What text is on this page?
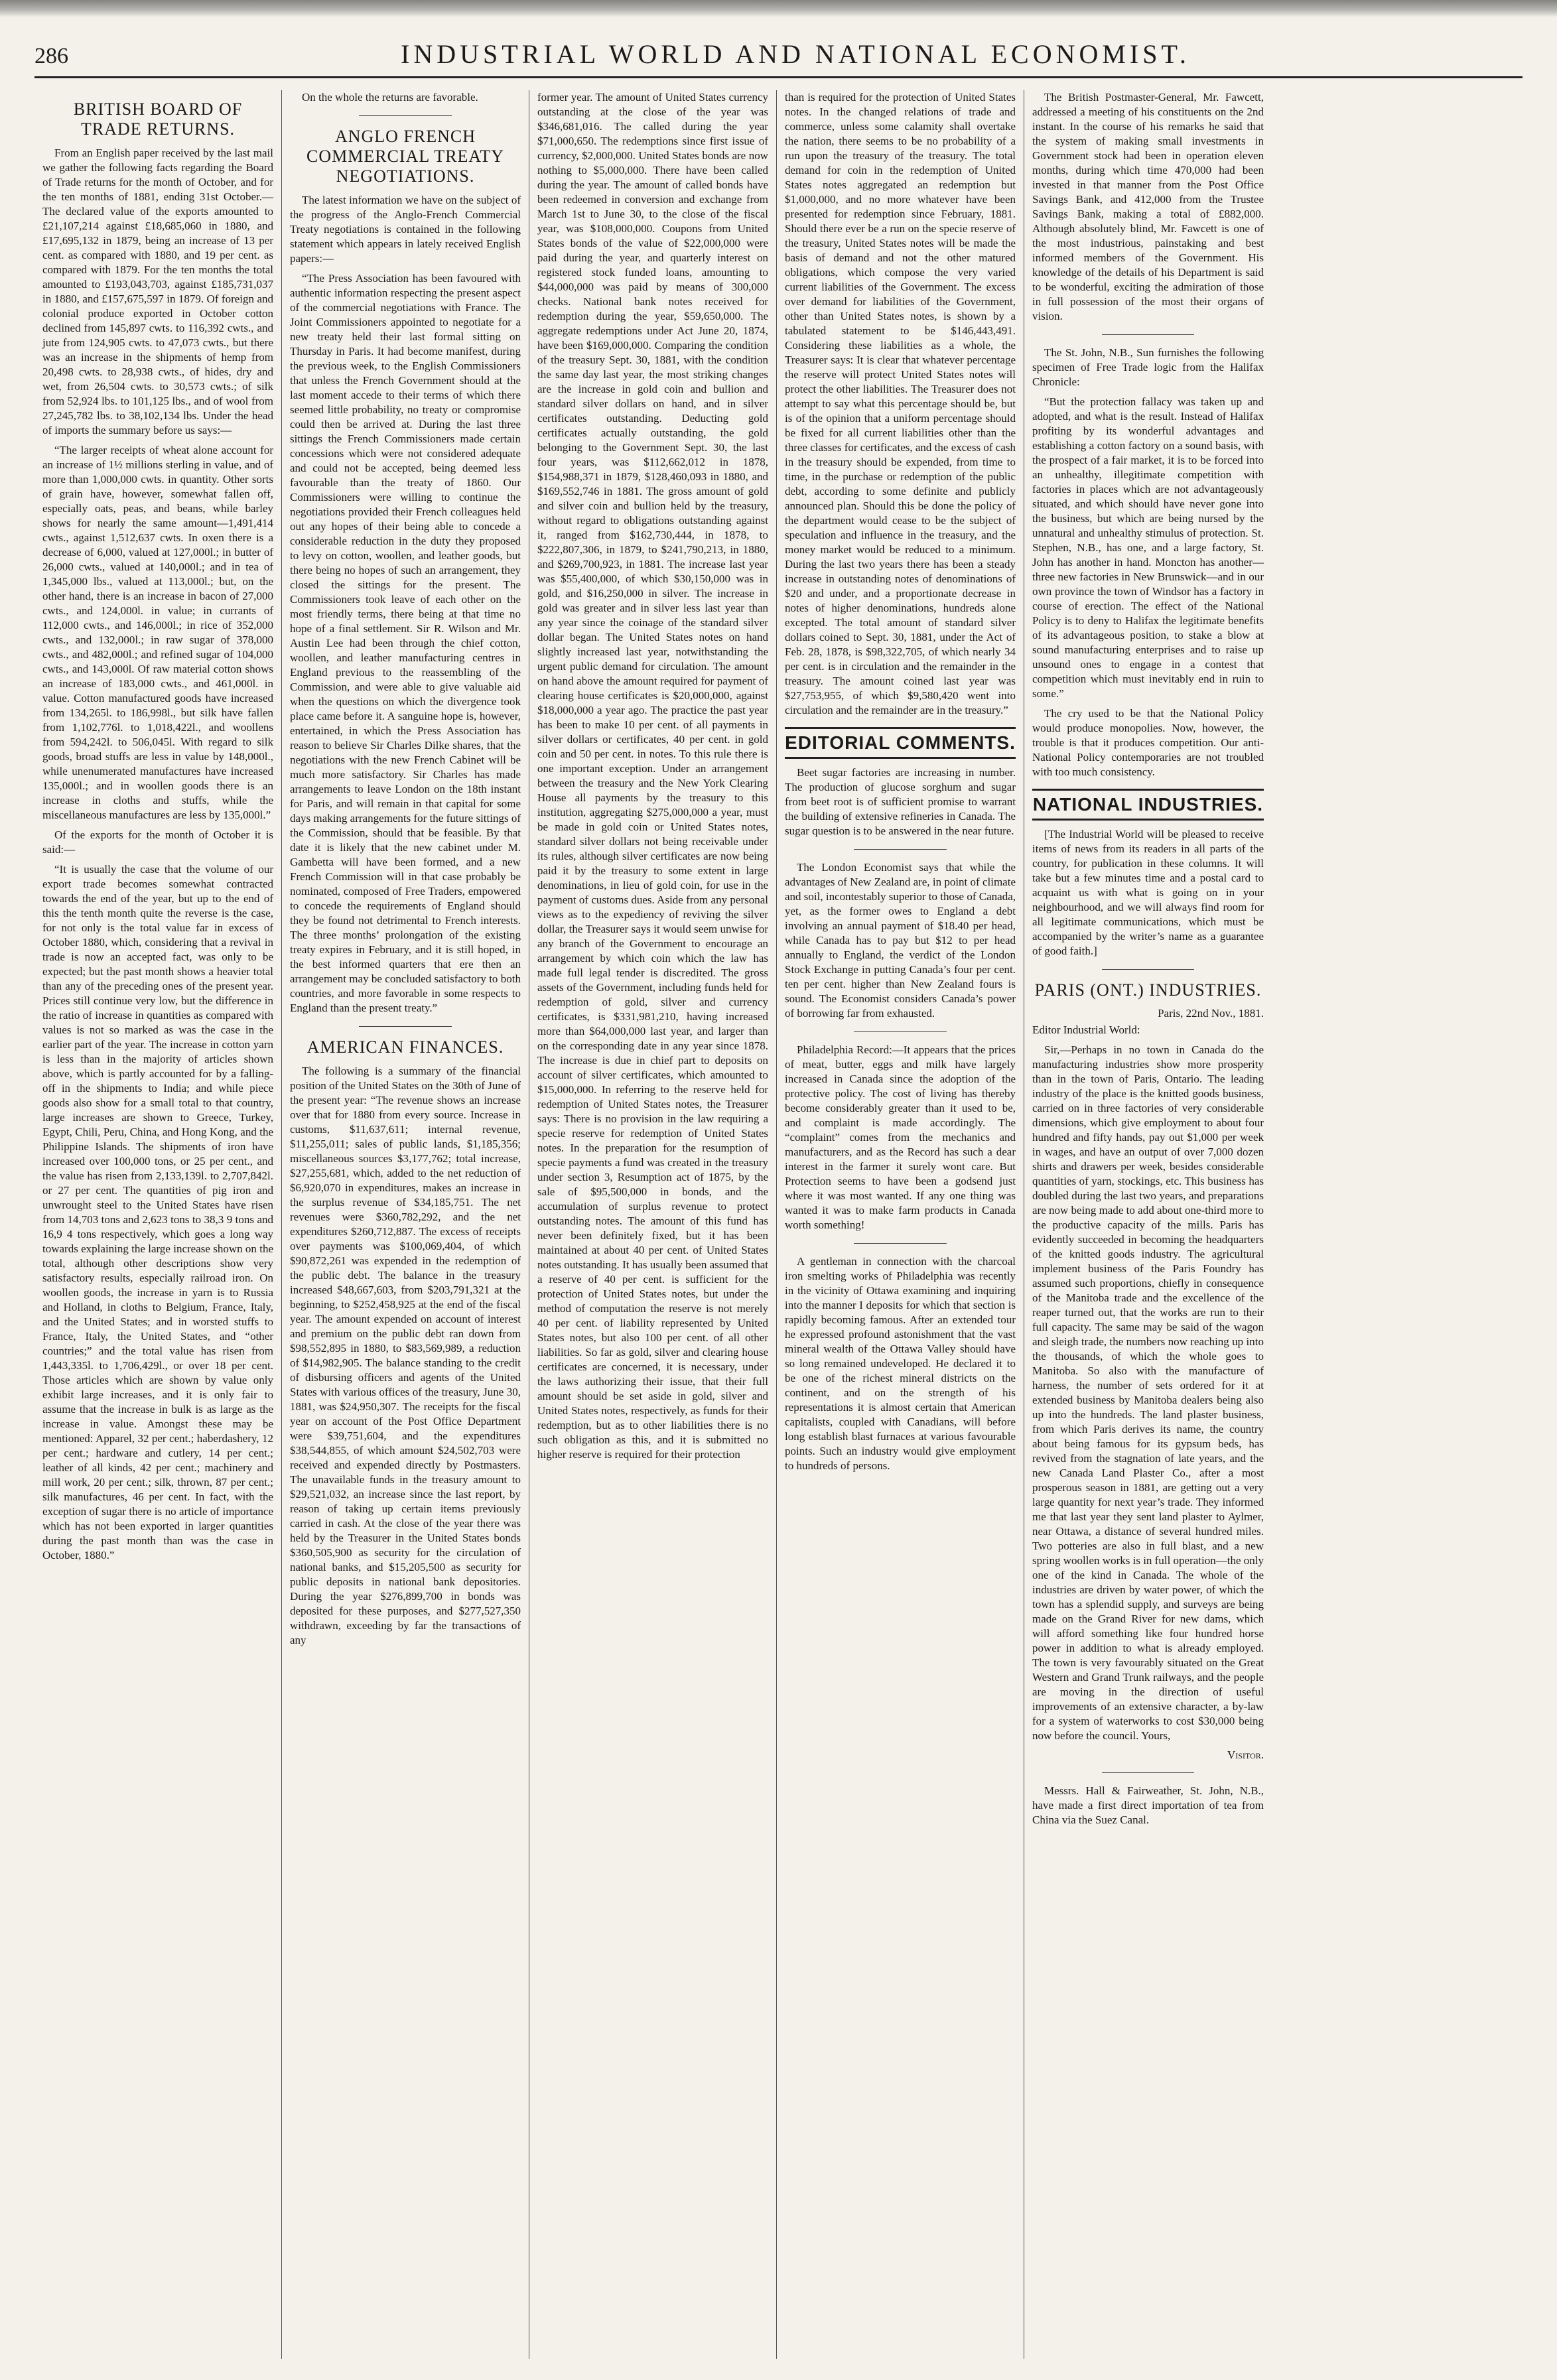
286	INDUSTRIAL WORLD AND NATIONAL ECONOMIST.
BRITISH BOARD OF TRADE RETURNS.

From an English paper received by the last mail we gather the following facts regarding the Board of Trade returns for the month of October, and for the ten months of 1881, ending 31st October.—The declared value of the exports amounted to £21,107,214 against £18,685,060 in 1880, and £17,695,132 in 1879, being an increase of 13 per cent. as compared with 1880, and 19 per cent. as compared with 1879. For the ten months the total amounted to £193,043,703, against £185,731,037 in 1880, and £157,675,597 in 1879. Of foreign and colonial produce exported in October cotton declined from 145,897 cwts. to 116,392 cwts., and jute from 124,905 cwts. to 47,073 cwts., but there was an increase in the shipments of hemp from 20,498 cwts. to 28,938 cwts., of hides, dry and wet, from 26,504 cwts. to 30,573 cwts.; of silk from 52,924 lbs. to 101,125 lbs., and of wool from 27,245,782 lbs. to 38,102,134 lbs. Under the head of imports the summary before us says:—

“The larger receipts of wheat alone account for an increase of 1½ millions sterling in value, and of more than 1,000,000 cwts. in quantity. Other sorts of grain have, however, somewhat fallen off, especially oats, peas, and beans, while barley shows for nearly the same amount—1,491,414 cwts., against 1,512,637 cwts. In oxen there is a decrease of 6,000, valued at 127,000l.; in butter of 26,000 cwts., valued at 140,000l.; and in tea of 1,345,000 lbs., valued at 113,000l.; but, on the other hand, there is an increase in bacon of 27,000 cwts., and 124,000l. in value; in currants of 112,000 cwts., and 146,000l.; in rice of 352,000 cwts., and 132,000l.; in raw sugar of 378,000 cwts., and 482,000l.; and refined sugar of 104,000 cwts., and 143,000l. Of raw material cotton shows an increase of 183,000 cwts., and 461,000l. in value. Cotton manufactured goods have increased from 134,265l. to 186,998l., but silk have fallen from 1,102,776l. to 1,018,422l., and woollens from 594,242l. to 506,045l. With regard to silk goods, broad stuffs are less in value by 148,000l., while unenumerated manufactures have increased 135,000l.; and in woollen goods there is an increase in cloths and stuffs, while the miscellaneous manufactures are less by 135,000l.”

Of the exports for the month of October it is said:—

“It is usually the case that the volume of our export trade becomes somewhat contracted towards the end of the year, but up to the end of this the tenth month quite the reverse is the case, for not only is the total value far in excess of October 1880, which, considering that a revival in trade is now an accepted fact, was only to be expected; but the past month shows a heavier total than any of the preceding ones of the present year. Prices still continue very low, but the difference in the ratio of increase in quantities as compared with values is not so marked as was the case in the earlier part of the year. The increase in cotton yarn is less than in the majority of articles shown above, which is partly accounted for by a falling-off in the shipments to India; and while piece goods also show for a small total to that country, large increases are shown to Greece, Turkey, Egypt, Chili, Peru, China, and Hong Kong, and the Philippine Islands. The shipments of iron have increased over 100,000 tons, or 25 per cent., and the value has risen from 2,133,139l. to 2,707,842l. or 27 per cent. The quantities of pig iron and unwrought steel to the United States have risen from 14,703 tons and 2,623 tons to 38,3 9 tons and 16,9 4 tons respectively, which goes a long way towards explaining the large increase shown on the total, although other descriptions show very satisfactory results, especially railroad iron. On woollen goods, the increase in yarn is to Russia and Holland, in cloths to Belgium, France, Italy, and the United States; and in worsted stuffs to France, Italy, the United States, and “other countries;” and the total value has risen from 1,443,335l. to 1,706,429l., or over 18 per cent. Those articles which are shown by value only exhibit large increases, and it is only fair to assume that the increase in bulk is as large as the increase in value. Amongst these may be mentioned: Apparel, 32 per cent.; haberdashery, 12 per cent.; hardware and cutlery, 14 per cent.; leather of all kinds, 42 per cent.; machinery and mill work, 20 per cent.; silk, thrown, 87 per cent.; silk manufactures, 46 per cent. In fact, with the exception of sugar there is no article of importance which has not been exported in larger quantities during the past month than was the case in October, 1880.”

On the whole the returns are favorable.

ANGLO FRENCH COMMERCIAL TREATY NEGOTIATIONS.

The latest information we have on the subject of the progress of the Anglo-French Commercial Treaty negotiations is contained in the following statement which appears in lately received English papers:—

“The Press Association has been favoured with authentic information respecting the present aspect of the commercial negotiations with France. The Joint Commissioners appointed to negotiate for a new treaty held their last formal sitting on Thursday in Paris. It had become manifest, during the previous week, to the English Commissioners that unless the French Government should at the last moment accede to their terms of which there seemed little probability, no treaty or compromise could then be arrived at. During the last three sittings the French Commissioners made certain concessions which were not considered adequate and could not be accepted, being deemed less favourable than the treaty of 1860. Our Commissioners were willing to continue the negotiations provided their French colleagues held out any hopes of their being able to concede a considerable reduction in the duty they proposed to levy on cotton, woollen, and leather goods, but there being no hopes of such an arrangement, they closed the sittings for the present. The Commissioners took leave of each other on the most friendly terms, there being at that time no hope of a final settlement. Sir R. Wilson and Mr. Austin Lee had been through the chief cotton, woollen, and leather manufacturing centres in England previous to the reassembling of the Commission, and were able to give valuable aid when the questions on which the divergence took place came before it. A sanguine hope is, however, entertained, in which the Press Association has reason to believe Sir Charles Dilke shares, that the negotiations with the new French Cabinet will be much more satisfactory. Sir Charles has made arrangements to leave London on the 18th instant for Paris, and will remain in that capital for some days making arrangements for the future sittings of the Commission, should that be feasible. By that date it is likely that the new cabinet under M. Gambetta will have been formed, and a new French Commission will in that case probably be nominated, composed of Free Traders, empowered to concede the requirements of England should they be found not detrimental to French interests. The three months’ prolongation of the existing treaty expires in February, and it is still hoped, in the best informed quarters that ere then an arrangement may be concluded satisfactory to both countries, and more favorable in some respects to England than the present treaty.”

AMERICAN FINANCES.

The following is a summary of the financial position of the United States on the 30th of June of the present year: “The revenue shows an increase over that for 1880 from every source. Increase in customs, $11,637,611; internal revenue, $11,255,011; sales of public lands, $1,185,356; miscellaneous sources $3,177,762; total increase, $27,255,681, which, added to the net reduction of $6,920,070 in expenditures, makes an increase in the surplus revenue of $34,185,751. The net revenues were $360,782,292, and the net expenditures $260,712,887. The excess of receipts over payments was $100,069,404, of which $90,872,261 was expended in the redemption of the public debt. The balance in the treasury increased $48,667,603, from $203,791,321 at the beginning, to $252,458,925 at the end of the fiscal year. The amount expended on account of interest and premium on the public debt ran down from $98,552,895 in 1880, to $83,569,989, a reduction of $14,982,905. The balance standing to the credit of disbursing officers and agents of the United States with various offices of the treasury, June 30, 1881, was $24,950,307. The receipts for the fiscal year on account of the Post Office Department were $39,751,604, and the expenditures $38,544,855, of which amount $24,502,703 were received and expended directly by Postmasters. The unavailable funds in the treasury amount to $29,521,032, an increase since the last report, by reason of taking up certain items previously carried in cash. At the close of the year there was held by the Treasurer in the United States bonds $360,505,900 as security for the circulation of national banks, and $15,205,500 as security for public deposits in national bank depositories. During the year $276,899,700 in bonds was deposited for these purposes, and $277,527,350 withdrawn, exceeding by far the transactions of any

former year. The amount of United States currency outstanding at the close of the year was $346,681,016. The called during the year $71,000,650. The redemptions since first issue of currency, $2,000,000. United States bonds are now nothing to $5,000,000. There have been called during the year. The amount of called bonds have been redeemed in conversion and exchange from March 1st to June 30, to the close of the fiscal year, was $108,000,000. Coupons from United States bonds of the value of $22,000,000 were paid during the year, and quarterly interest on registered stock funded loans, amounting to $44,000,000 was paid by means of 300,000 checks. National bank notes received for redemption during the year, $59,650,000. The aggregate redemptions under Act June 20, 1874, have been $169,000,000. Comparing the condition of the treasury Sept. 30, 1881, with the condition the same day last year, the most striking changes are the increase in gold coin and bullion and standard silver dollars on hand, and in silver certificates outstanding. Deducting gold certificates actually outstanding, the gold belonging to the Government Sept. 30, the last four years, was $112,662,012 in 1878, $154,988,371 in 1879, $128,460,093 in 1880, and $169,552,746 in 1881. The gross amount of gold and silver coin and bullion held by the treasury, without regard to obligations outstanding against it, ranged from $162,730,444, in 1878, to $222,807,306, in 1879, to $241,790,213, in 1880, and $269,700,923, in 1881. The increase last year was $55,400,000, of which $30,150,000 was in gold, and $16,250,000 in silver. The increase in gold was greater and in silver less last year than any year since the coinage of the standard silver dollar began. The United States notes on hand slightly increased last year, notwithstanding the urgent public demand for circulation. The amount on hand above the amount required for payment of clearing house certificates is $20,000,000, against $18,000,000 a year ago. The practice the past year has been to make 10 per cent. of all payments in silver dollars or certificates, 40 per cent. in gold coin and 50 per cent. in notes. To this rule there is one important exception. Under an arrangement between the treasury and the New York Clearing House all payments by the treasury to this institution, aggregating $275,000,000 a year, must be made in gold coin or United States notes, standard silver dollars not being receivable under its rules, although silver certificates are now being paid it by the treasury to some extent in large denominations, in lieu of gold coin, for use in the payment of customs dues. Aside from any personal views as to the expediency of reviving the silver dollar, the Treasurer says it would seem unwise for any branch of the Government to encourage an arrangement by which coin which the law has made full legal tender is discredited. The gross assets of the Government, including funds held for redemption of gold, silver and currency certificates, is $331,981,210, having increased more than $64,000,000 last year, and larger than on the corresponding date in any year since 1878. The increase is due in chief part to deposits on account of silver certificates, which amounted to $15,000,000. In referring to the reserve held for redemption of United States notes, the Treasurer says: There is no provision in the law requiring a specie reserve for redemption of United States notes. In the preparation for the resumption of specie payments a fund was created in the treasury under section 3, Resumption act of 1875, by the sale of $95,500,000 in bonds, and the accumulation of surplus revenue to protect outstanding notes. The amount of this fund has never been definitely fixed, but it has been maintained at about 40 per cent. of United States notes outstanding. It has usually been assumed that a reserve of 40 per cent. is sufficient for the protection of United States notes, but under the method of computation the reserve is not merely 40 per cent. of liability represented by United States notes, but also 100 per cent. of all other liabilities. So far as gold, silver and clearing house certificates are concerned, it is necessary, under the laws authorizing their issue, that their full amount should be set aside in gold, silver and United States notes, respectively, as funds for their redemption, but as to other liabilities there is no such obligation as this, and it is submitted no higher reserve is required for their protection

than is required for the protection of United States notes. In the changed relations of trade and commerce, unless some calamity shall overtake the nation, there seems to be no probability of a run upon the treasury of the treasury. The total demand for coin in the redemption of United States notes aggregated an redemption but $1,000,000, and no more whatever have been presented for redemption since February, 1881. Should there ever be a run on the specie reserve of the treasury, United States notes will be made the basis of demand and not the other matured obligations, which compose the very varied current liabilities of the Government. The excess over demand for liabilities of the Government, other than United States notes, is shown by a tabulated statement to be $146,443,491. Considering these liabilities as a whole, the Treasurer says: It is clear that whatever percentage the reserve will protect United States notes will protect the other liabilities. The Treasurer does not attempt to say what this percentage should be, but is of the opinion that a uniform percentage should be fixed for all current liabilities other than the three classes for certificates, and the excess of cash in the treasury should be expended, from time to time, in the purchase or redemption of the public debt, according to some definite and publicly announced plan. Should this be done the policy of the department would cease to be the subject of speculation and influence in the treasury, and the money market would be reduced to a minimum. During the last two years there has been a steady increase in outstanding notes of denominations of $20 and under, and a proportionate decrease in notes of higher denominations, hundreds alone excepted. The total amount of standard silver dollars coined to Sept. 30, 1881, under the Act of Feb. 28, 1878, is $98,322,705, of which nearly 34 per cent. is in circulation and the remainder in the treasury. The amount coined last year was $27,753,955, of which $9,580,420 went into circulation and the remainder are in the treasury.”

EDITORIAL COMMENTS.

Beet sugar factories are increasing in number. The production of glucose sorghum and sugar from beet root is of sufficient promise to warrant the building of extensive refineries in Canada. The sugar question is to be answered in the near future.

The London Economist says that while the advantages of New Zealand are, in point of climate and soil, incontestably superior to those of Canada, yet, as the former owes to England a debt involving an annual payment of $18.40 per head, while Canada has to pay but $12 to per head annually to England, the verdict of the London Stock Exchange in putting Canada’s four per cent. ten per cent. higher than New Zealand fours is sound. The Economist considers Canada’s power of borrowing far from exhausted.

Philadelphia Record:—It appears that the prices of meat, butter, eggs and milk have largely increased in Canada since the adoption of the protective policy. The cost of living has thereby become considerably greater than it used to be, and complaint is made accordingly. The “complaint” comes from the mechanics and manufacturers, and as the Record has such a dear interest in the farmer it surely wont care. But Protection seems to have been a godsend just where it was most wanted. If any one thing was wanted it was to make farm products in Canada worth something!

A gentleman in connection with the charcoal iron smelting works of Philadelphia was recently in the vicinity of Ottawa examining and inquiring into the manner I deposits for which that section is rapidly becoming famous. After an extended tour he expressed profound astonishment that the vast mineral wealth of the Ottawa Valley should have so long remained undeveloped. He declared it to be one of the richest mineral districts on the continent, and on the strength of his representations it is almost certain that American capitalists, coupled with Canadians, will before long establish blast furnaces at various favourable points. Such an industry would give employment to hundreds of persons.

The British Postmaster-General, Mr. Fawcett, addressed a meeting of his constituents on the 2nd instant. In the course of his remarks he said that the system of making small investments in Government stock had been in operation eleven months, during which time 470,000 had been invested in that manner from the Post Office Savings Bank, and 412,000 from the Trustee Savings Bank, making a total of £882,000. Although absolutely blind, Mr. Fawcett is one of the most industrious, painstaking and best informed members of the Government. His knowledge of the details of his Department is said to be wonderful, exciting the admiration of those in full possession of the most their organs of vision.

The St. John, N.B., Sun furnishes the following specimen of Free Trade logic from the Halifax Chronicle:

“But the protection fallacy was taken up and adopted, and what is the result. Instead of Halifax profiting by its wonderful advantages and establishing a cotton factory on a sound basis, with the prospect of a fair market, it is to be forced into an unhealthy, illegitimate competition with factories in places which are not advantageously situated, and which should have never gone into the business, but which are being nursed by the unnatural and unhealthy stimulus of protection. St. Stephen, N.B., has one, and a large factory, St. John has another in hand. Moncton has another—three new factories in New Brunswick—and in our own province the town of Windsor has a factory in course of erection. The effect of the National Policy is to deny to Halifax the legitimate benefits of its advantageous position, to stake a blow at sound manufacturing enterprises and to raise up unsound ones to engage in a contest that competition which must inevitably end in ruin to some.”

The cry used to be that the National Policy would produce monopolies. Now, however, the trouble is that it produces competition. Our anti-National Policy contemporaries are not troubled with too much consistency.

NATIONAL INDUSTRIES.

[The Industrial World will be pleased to receive items of news from its readers in all parts of the country, for publication in these columns. It will take but a few minutes time and a postal card to acquaint us with what is going on in your neighbourhood, and we will always find room for all legitimate communications, which must be accompanied by the writer’s name as a guarantee of good faith.]

PARIS (ONT.) INDUSTRIES.
Paris, 22nd Nov., 1881.

Editor Industrial World:

Sir,—Perhaps in no town in Canada do the manufacturing industries show more prosperity than in the town of Paris, Ontario. The leading industry of the place is the knitted goods business, carried on in three factories of very considerable dimensions, which give employment to about four hundred and fifty hands, pay out $1,000 per week in wages, and have an output of over 7,000 dozen shirts and drawers per week, besides considerable quantities of yarn, stockings, etc. This business has doubled during the last two years, and preparations are now being made to add about one-third more to the productive capacity of the mills. Paris has evidently succeeded in becoming the headquarters of the knitted goods industry. The agricultural implement business of the Paris Foundry has assumed such proportions, chiefly in consequence of the Manitoba trade and the excellence of the reaper turned out, that the works are run to their full capacity. The same may be said of the wagon and sleigh trade, the numbers now reaching up into the thousands, of which the whole goes to Manitoba. So also with the manufacture of harness, the number of sets ordered for it at extended business by Manitoba dealers being also up into the hundreds. The land plaster business, from which Paris derives its name, the country about being famous for its gypsum beds, has revived from the stagnation of late years, and the new Canada Land Plaster Co., after a most prosperous season in 1881, are getting out a very large quantity for next year’s trade. They informed me that last year they sent land plaster to Aylmer, near Ottawa, a distance of several hundred miles. Two potteries are also in full blast, and a new spring woollen works is in full operation—the only one of the kind in Canada. The whole of the industries are driven by water power, of which the town has a splendid supply, and surveys are being made on the Grand River for new dams, which will afford something like four hundred horse power in addition to what is already employed. The town is very favourably situated on the Great Western and Grand Trunk railways, and the people are moving in the direction of useful improvements of an extensive character, a by-law for a system of waterworks to cost $30,000 being now before the council. Yours,

Visitor.

Messrs. Hall & Fairweather, St. John, N.B., have made a first direct importation of tea from China via the Suez Canal.
